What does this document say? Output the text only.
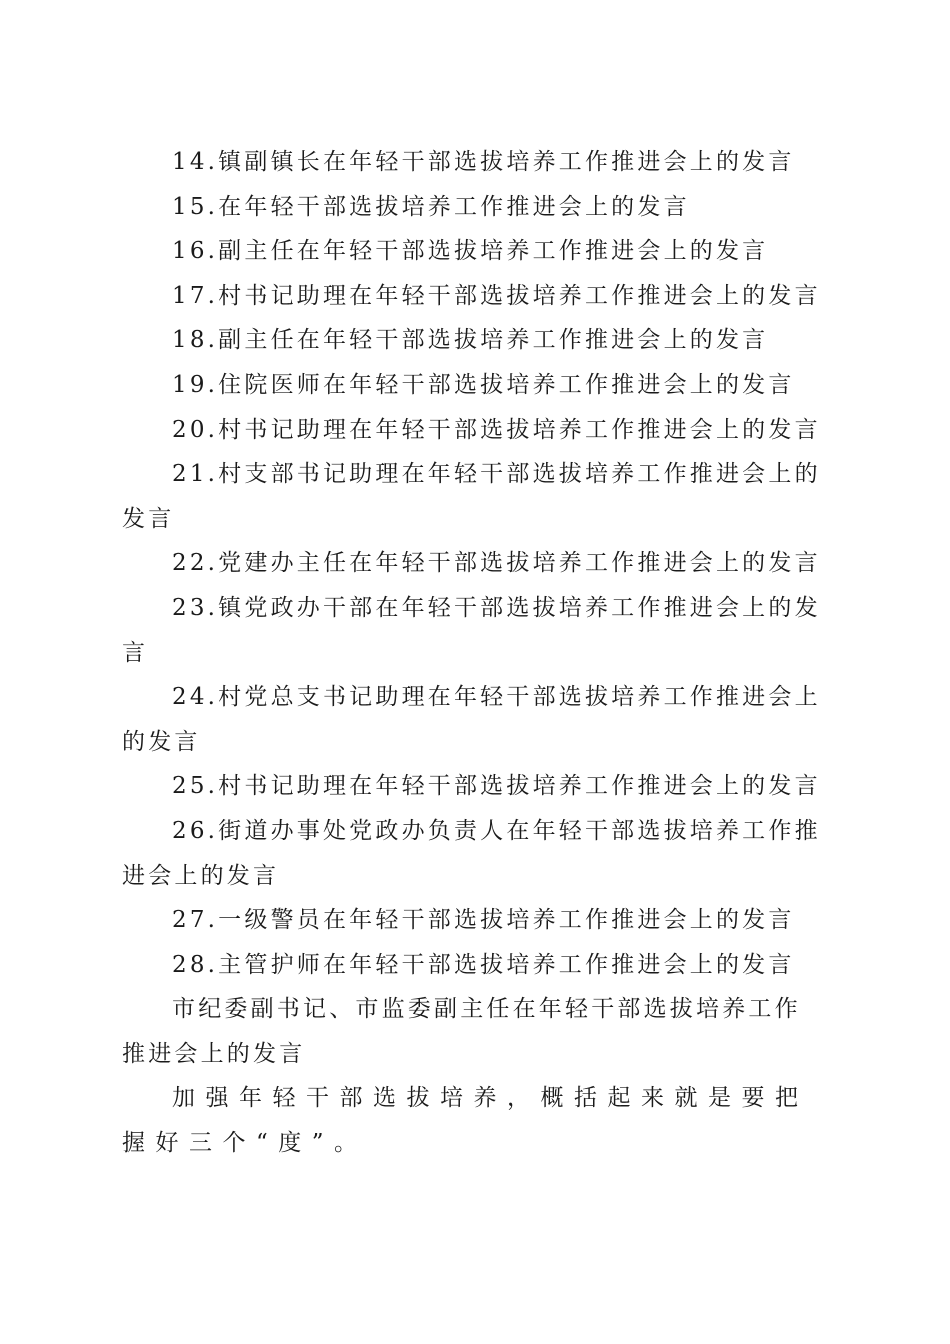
14.镇副镇长在年轻干部选拔培养工作推进会上的发言

15.在年轻干部选拔培养工作推进会上的发言

16.副主任在年轻干部选拔培养工作推进会上的发言

17.村书记助理在年轻干部选拔培养工作推进会上的发言

18.副主任在年轻干部选拔培养工作推进会上的发言

19.住院医师在年轻干部选拔培养工作推进会上的发言

20.村书记助理在年轻干部选拔培养工作推进会上的发言

21.村支部书记助理在年轻干部选拔培养工作推进会上的发言

22.党建办主任在年轻干部选拔培养工作推进会上的发言

23.镇党政办干部在年轻干部选拔培养工作推进会上的发言

24.村党总支书记助理在年轻干部选拔培养工作推进会上的发言

25.村书记助理在年轻干部选拔培养工作推进会上的发言

26.街道办事处党政办负责人在年轻干部选拔培养工作推进会上的发言

27.一级警员在年轻干部选拔培养工作推进会上的发言

28.主管护师在年轻干部选拔培养工作推进会上的发言

市纪委副书记、市监委副主任在年轻干部选拔培养工作推进会上的发言

加强年轻干部选拔培养，概括起来就是要把握好三个“度”。
